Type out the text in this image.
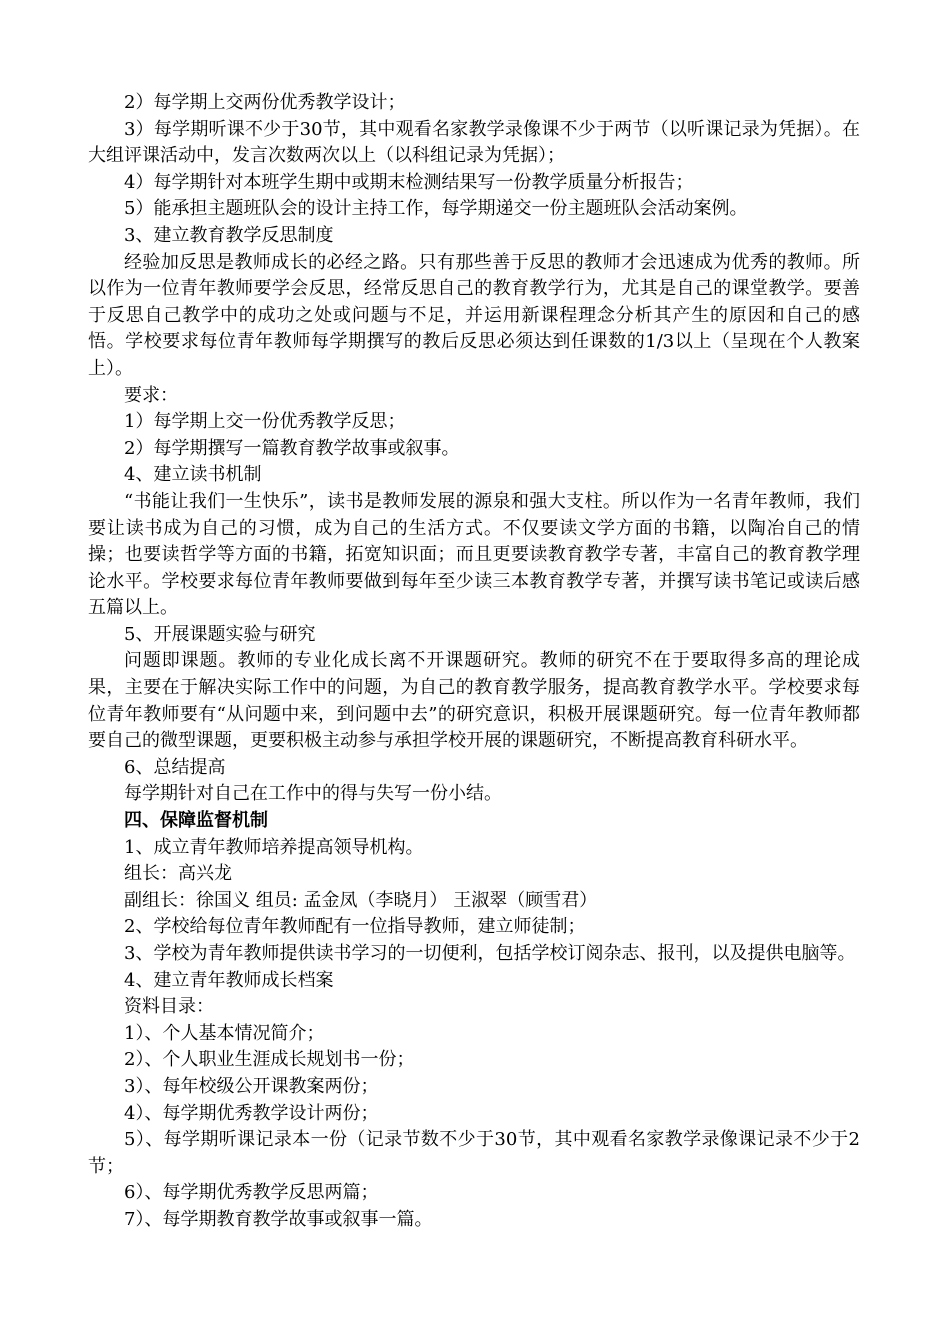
2）每学期上交两份优秀教学设计；

3）每学期听课不少于30节，其中观看名家教学录像课不少于两节（以听课记录为凭据）。在大组评课活动中，发言次数两次以上（以科组记录为凭据）；

4）每学期针对本班学生期中或期末检测结果写一份教学质量分析报告；

5）能承担主题班队会的设计主持工作，每学期递交一份主题班队会活动案例。

3、建立教育教学反思制度

经验加反思是教师成长的必经之路。只有那些善于反思的教师才会迅速成为优秀的教师。所以作为一位青年教师要学会反思，经常反思自己的教育教学行为，尤其是自己的课堂教学。要善于反思自己教学中的成功之处或问题与不足，并运用新课程理念分析其产生的原因和自己的感悟。学校要求每位青年教师每学期撰写的教后反思必须达到任课数的1/3以上（呈现在个人教案上）。

要求：

1）每学期上交一份优秀教学反思；

2）每学期撰写一篇教育教学故事或叙事。

4、建立读书机制

“书能让我们一生快乐”，读书是教师发展的源泉和强大支柱。所以作为一名青年教师，我们要让读书成为自己的习惯，成为自己的生活方式。不仅要读文学方面的书籍，以陶冶自己的情操；也要读哲学等方面的书籍，拓宽知识面；而且更要读教育教学专著，丰富自己的教育教学理论水平。学校要求每位青年教师要做到每年至少读三本教育教学专著，并撰写读书笔记或读后感五篇以上。

5、开展课题实验与研究

问题即课题。教师的专业化成长离不开课题研究。教师的研究不在于要取得多高的理论成果，主要在于解决实际工作中的问题，为自己的教育教学服务，提高教育教学水平。学校要求每位青年教师要有“从问题中来，到问题中去”的研究意识，积极开展课题研究。每一位青年教师都要自己的微型课题，更要积极主动参与承担学校开展的课题研究，不断提高教育科研水平。

6、总结提高

每学期针对自己在工作中的得与失写一份小结。

四、保障监督机制

1、成立青年教师培养提高领导机构。

组长：高兴龙

副组长：徐国义 组员: 孟金凤（李晓月） 王淑翠（顾雪君）

2、学校给每位青年教师配有一位指导教师，建立师徒制；

3、学校为青年教师提供读书学习的一切便利，包括学校订阅杂志、报刊，以及提供电脑等。

4、建立青年教师成长档案

资料目录：

1）、个人基本情况简介；

2）、个人职业生涯成长规划书一份；

3）、每年校级公开课教案两份；

4）、每学期优秀教学设计两份；

5）、每学期听课记录本一份（记录节数不少于30节，其中观看名家教学录像课记录不少于2节；

6）、每学期优秀教学反思两篇；

7）、每学期教育教学故事或叙事一篇。
